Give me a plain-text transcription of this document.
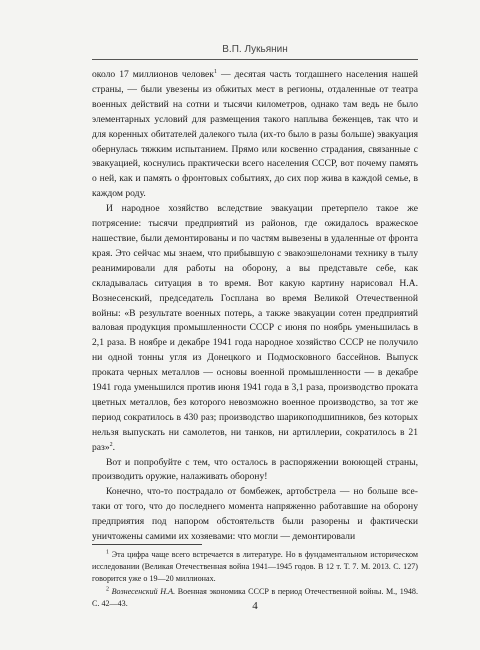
В.П. Лукьянин

около 17 миллионов человек$^1$ — десятая часть тогдашнего населения нашей страны, — были увезены из обжитых мест в регионы, отдаленные от театра военных действий на сотни и тысячи километров, однако там ведь не было элементарных условий для размещения такого наплыва беженцев, так что и для коренных обитателей далекого тыла (их-то было в разы больше) эвакуация обернулась тяжким испытанием. Прямо или косвенно страдания, связанные с эвакуацией, коснулись практически всего населения СССР, вот почему память о ней, как и память о фронтовых событиях, до сих пор жива в каждой семье, в каждом роду.

И народное хозяйство вследствие эвакуации претерпело такое же потрясение: тысячи предприятий из районов, где ожидалось вражеское нашествие, были демонтированы и по частям вывезены в удаленные от фронта края. Это сейчас мы знаем, что прибывшую с эвакоэшелонами технику в тылу реанимировали для работы на оборону, а вы представьте себе, как складывалась ситуация в то время. Вот какую картину нарисовал Н.А. Вознесенский, председатель Госплана во время Великой Отечественной войны: «В результате военных потерь, а также эвакуации сотен предприятий валовая продукция промышленности СССР с июня по ноябрь уменьшилась в 2,1 раза. В ноябре и декабре 1941 года народное хозяйство СССР не получило ни одной тонны угля из Донецкого и Подмосковного бассейнов. Выпуск проката черных металлов — основы военной промышленности — в декабре 1941 года уменьшился против июня 1941 года в 3,1 раза, производство проката цветных металлов, без которого невозможно военное производство, за тот же период сократилось в 430 раз; производство шарикоподшипников, без которых нельзя выпускать ни самолетов, ни танков, ни артиллерии, сократилось в 21 раз»$^2$.

Вот и попробуйте с тем, что осталось в распоряжении воюющей страны, производить оружие, налаживать оборону!

Конечно, что-то пострадало от бомбежек, артобстрела — но больше все-таки от того, что до последнего момента напряженно работавшие на оборону предприятия под напором обстоятельств были разорены и фактически уничтожены самими их хозяевами: что могли — демонтировали

$^1$ Эта цифра чаще всего встречается в литературе. Но в фундаментальном историческом исследовании (Великая Отечественная война 1941—1945 годов. В 12 т. Т. 7. М. 2013. С. 127) говорится уже о 19—20 миллионах.

$^2$ Вознесенский Н.А. Военная экономика СССР в период Отечественной войны. М., 1948. С. 42—43.	4
